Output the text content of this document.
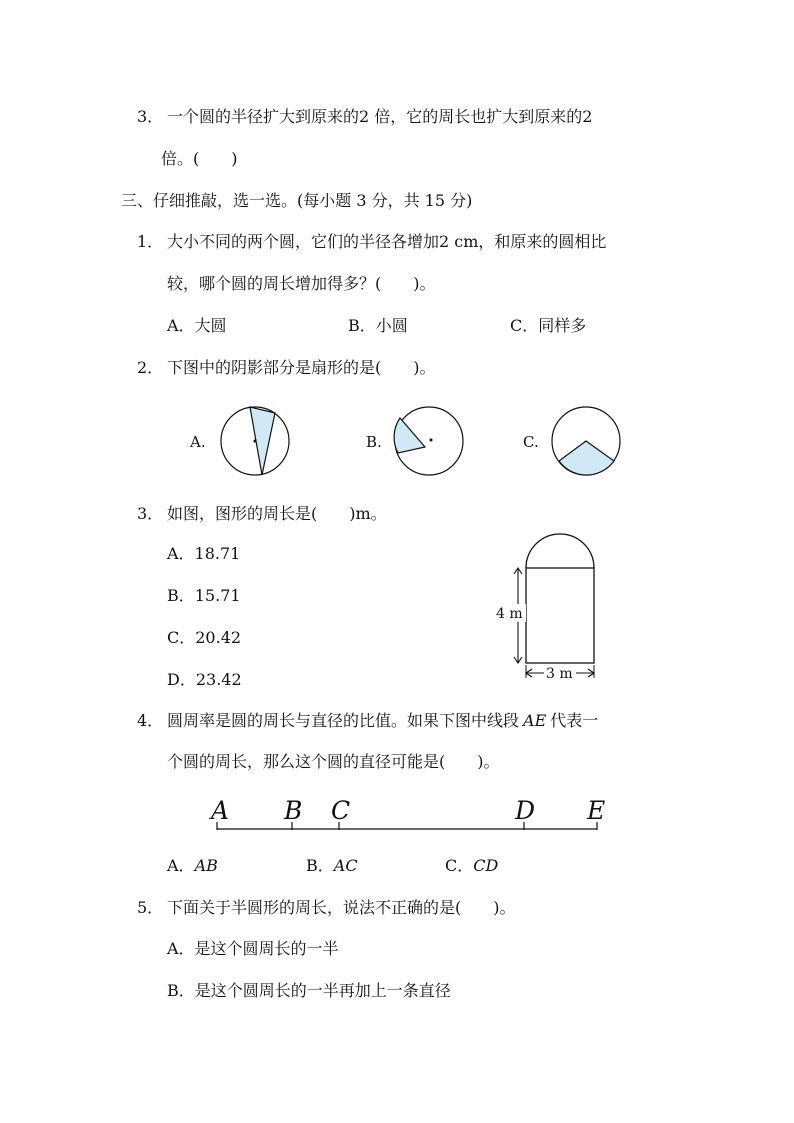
3． 一个圆的半径扩大到原来的2 倍，它的周长也扩大到原来的2
倍。(　　)
三、仔细推敲，选一选。(每小题 3 分，共 15 分)
1． 大小不同的两个圆，它们的半径各增加2 cm，和原来的圆相比
较，哪个圆的周长增加得多？(　　)。
A．大圆	B．小圆	C．同样多
2． 下图中的阴影部分是扇形的是(　　)。
A.	B.	C.
3． 如图，图形的周长是(　　)m。
A．18.71
B．15.71
C．20.42
D．23.42
4 m
3 m
4． 圆周率是圆的周长与直径的比值。如果下图中线段 AE 代表一
个圆的周长，那么这个圆的直径可能是(　　)。
A B C	D E
A．AB	B．AC	C．CD
5． 下面关于半圆形的周长，说法不正确的是(　　)。
A．是这个圆周长的一半
B．是这个圆周长的一半再加上一条直径
